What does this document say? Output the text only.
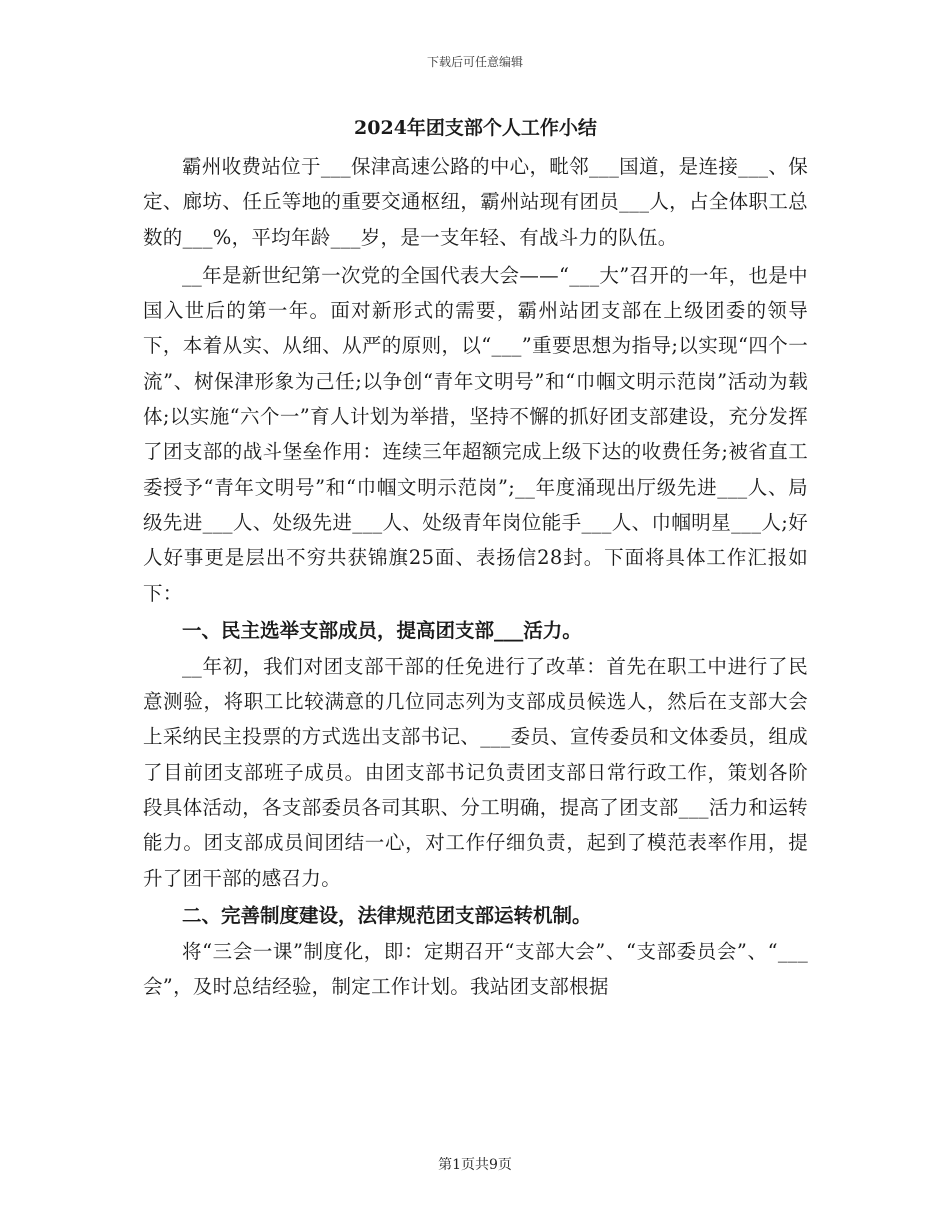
下载后可任意编辑
2024年团支部个人工作小结

霸州收费站位于___保津高速公路的中心，毗邻___国道，是连接___、保定、廊坊、任丘等地的重要交通枢纽，霸州站现有团员___人，占全体职工总数的___%，平均年龄___岁，是一支年轻、有战斗力的队伍。

__年是新世纪第一次党的全国代表大会——“___大”召开的一年，也是中国入世后的第一年。面对新形式的需要，霸州站团支部在上级团委的领导下，本着从实、从细、从严的原则，以“___”重要思想为指导;以实现“四个一流”、树保津形象为己任;以争创“青年文明号”和“巾帼文明示范岗”活动为载体;以实施“六个一”育人计划为举措，坚持不懈的抓好团支部建设，充分发挥了团支部的战斗堡垒作用：连续三年超额完成上级下达的收费任务;被省直工委授予“青年文明号”和“巾帼文明示范岗”;__年度涌现出厅级先进___人、局级先进___人、处级先进___人、处级青年岗位能手___人、巾帼明星___人;好人好事更是层出不穷共获锦旗25面、表扬信28封。下面将具体工作汇报如下：

一、民主选举支部成员，提高团支部___活力。

__年初，我们对团支部干部的任免进行了改革：首先在职工中进行了民意测验，将职工比较满意的几位同志列为支部成员候选人，然后在支部大会上采纳民主投票的方式选出支部书记、___委员、宣传委员和文体委员，组成了目前团支部班子成员。由团支部书记负责团支部日常行政工作，策划各阶段具体活动，各支部委员各司其职、分工明确，提高了团支部___活力和运转能力。团支部成员间团结一心，对工作仔细负责，起到了模范表率作用，提升了团干部的感召力。

二、完善制度建设，法律规范团支部运转机制。

将“三会一课”制度化，即：定期召开“支部大会”、“支部委员会”、“___会”，及时总结经验，制定工作计划。我站团支部根据

第1页共9页
